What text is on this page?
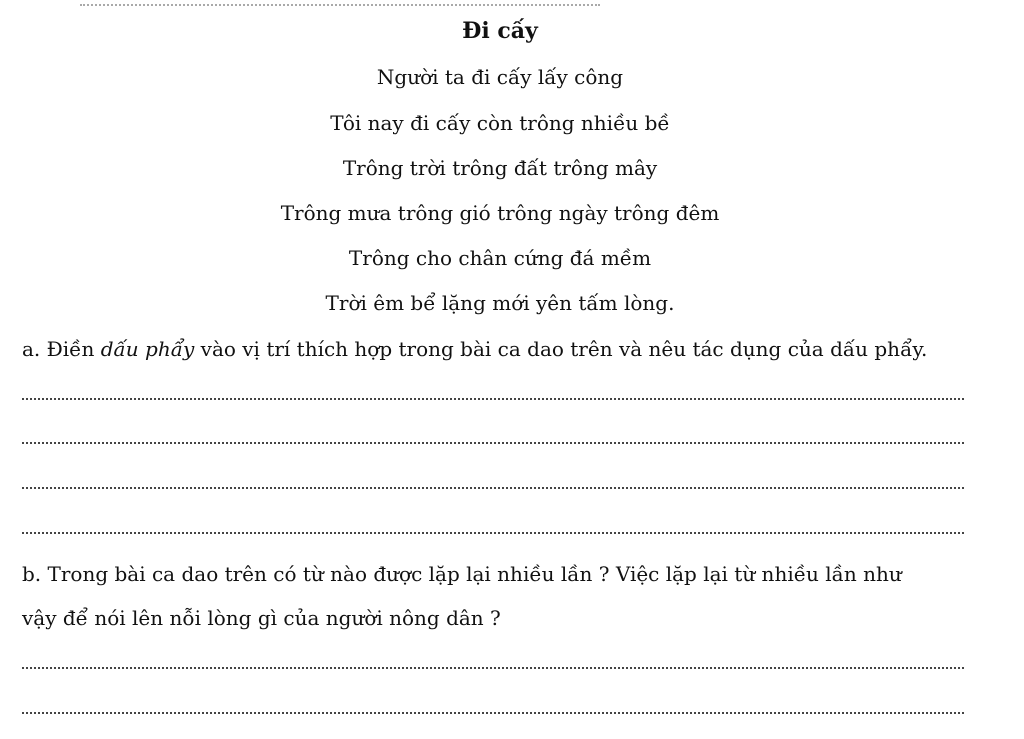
Đi cấy
Người ta đi cấy lấy công
Tôi nay đi cấy còn trông nhiều bề
Trông trời trông đất trông mây
Trông mưa trông gió trông ngày trông đêm
Trông cho chân cứng đá mềm
Trời êm bể lặng mới yên tấm lòng.
a. Điền dấu phẩy vào vị trí thích hợp trong bài ca dao trên và nêu tác dụng của dấu phẩy.
b. Trong bài ca dao trên có từ nào được lặp lại nhiều lần ? Việc lặp lại từ nhiều lần như
vậy để nói lên nỗi lòng gì của người nông dân ?
